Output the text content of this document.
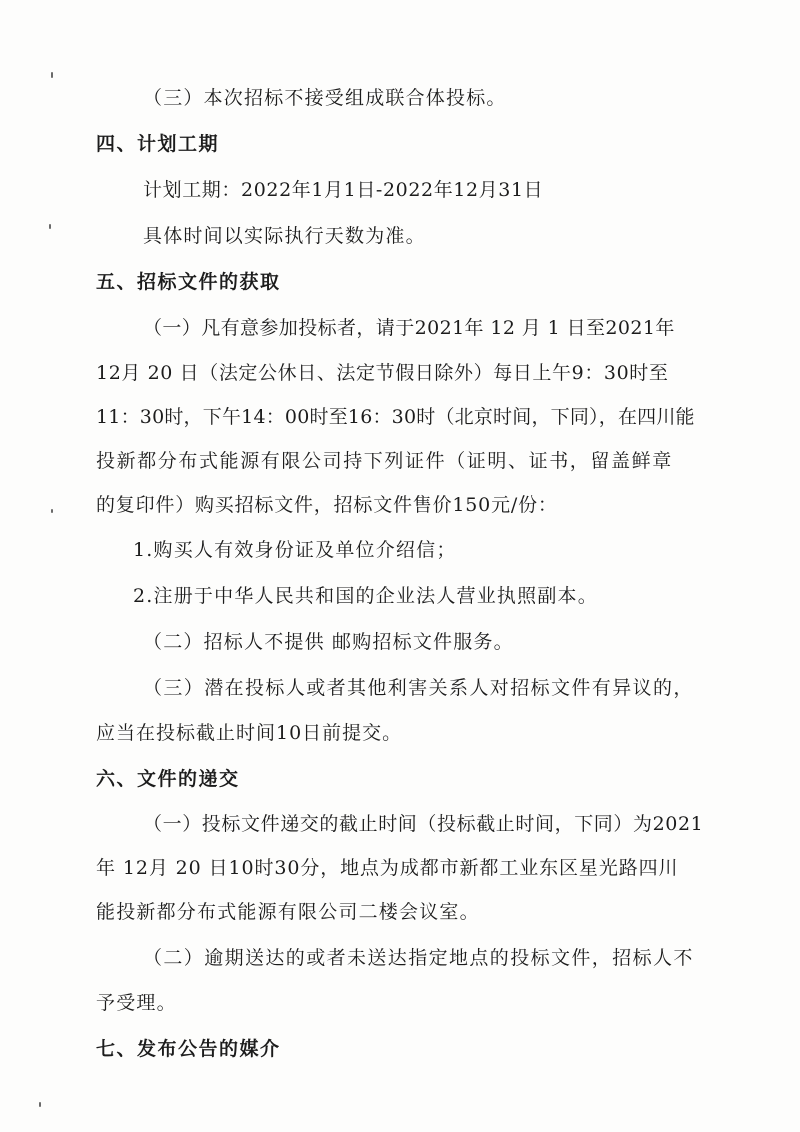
（三）本次招标不接受组成联合体投标。
四、计划工期
计划工期：2022年1月1日-2022年12月31日
具体时间以实际执行天数为准。
五、招标文件的获取
（一）凡有意参加投标者，请于2021年 12 月 1 日至2021年
12月 20 日（法定公休日、法定节假日除外）每日上午9：30时至
11：30时，下午14：00时至16：30时（北京时间，下同），在四川能
投新都分布式能源有限公司持下列证件（证明、证书，留盖鲜章
的复印件）购买招标文件，招标文件售价150元/份：
1.购买人有效身份证及单位介绍信；
2.注册于中华人民共和国的企业法人营业执照副本。
（二）招标人不提供 邮购招标文件服务。
（三）潜在投标人或者其他利害关系人对招标文件有异议的，
应当在投标截止时间10日前提交。
六、文件的递交
（一）投标文件递交的截止时间（投标截止时间，下同）为2021
年 12月 20 日10时30分，地点为成都市新都工业东区星光路四川
能投新都分布式能源有限公司二楼会议室。
（二）逾期送达的或者未送达指定地点的投标文件，招标人不
予受理。
七、发布公告的媒介
